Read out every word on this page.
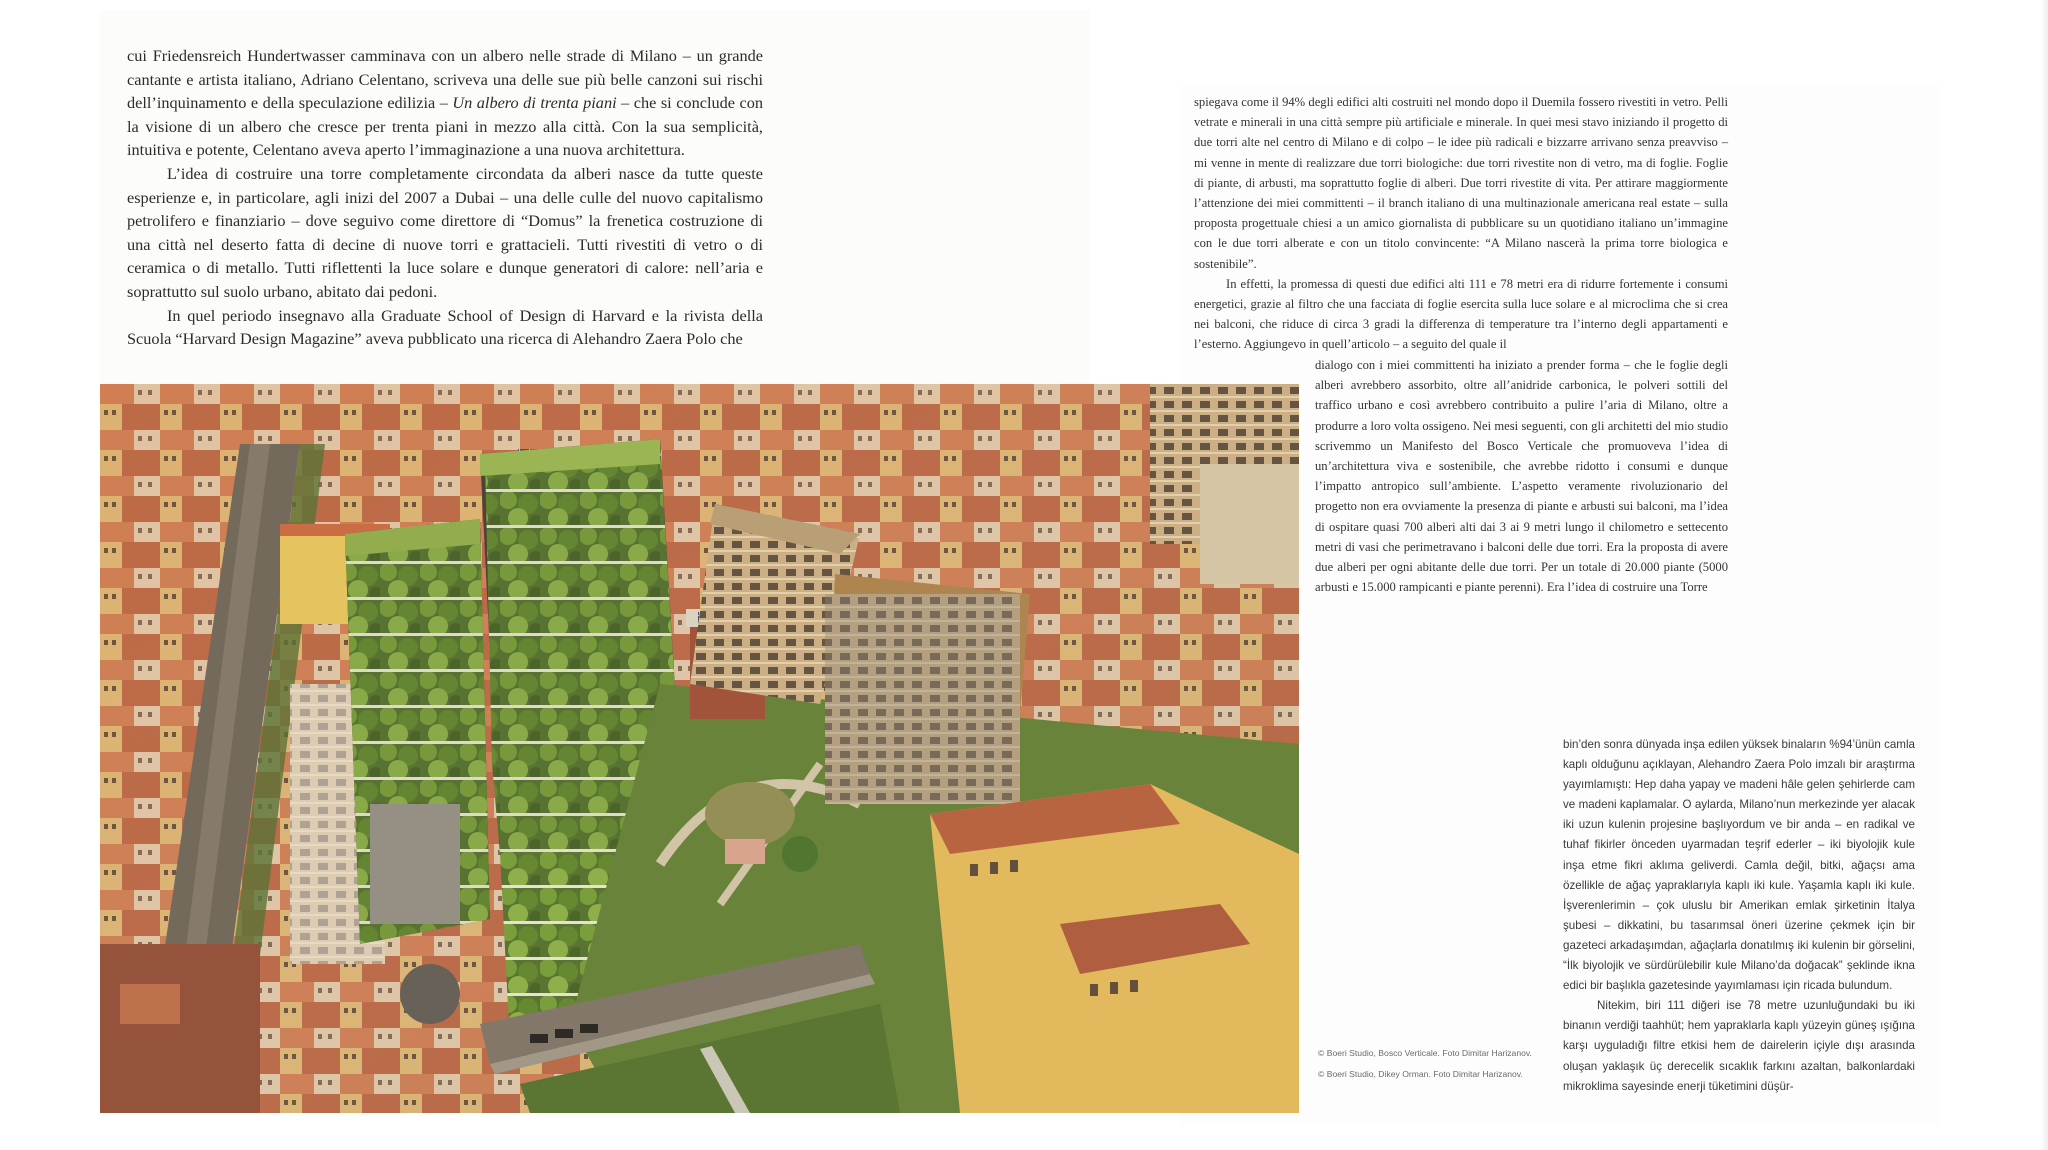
cui Friedensreich Hundertwasser camminava con un albero nelle strade di Milano – un grande cantante e artista italiano, Adriano Celentano, scriveva una delle sue più belle canzoni sui rischi dell’inquinamento e della speculazione edilizia – Un albero di trenta piani – che si conclude con la visione di un albero che cresce per trenta piani in mezzo alla città. Con la sua semplicità, intuitiva e potente, Celentano aveva aperto l’immaginazione a una nuova architettura.

L’idea di costruire una torre completamente circondata da alberi nasce da tutte queste esperienze e, in particolare, agli inizi del 2007 a Dubai – una delle culle del nuovo capitalismo petrolifero e finanziario – dove seguivo come direttore di “Domus” la frenetica costruzione di una città nel deserto fatta di decine di nuove torri e grattacieli. Tutti rivestiti di vetro o di ceramica o di metallo. Tutti riflettenti la luce solare e dunque generatori di calore: nell’aria e soprattutto sul suolo urbano, abitato dai pedoni.

In quel periodo insegnavo alla Graduate School of Design di Harvard e la rivista della Scuola “Harvard Design Magazine” aveva pubblicato una ricerca di Alehandro Zaera Polo che

spiegava come il 94% degli edifici alti costruiti nel mondo dopo il Duemila fossero rivestiti in vetro. Pelli vetrate e minerali in una città sempre più artificiale e minerale. In quei mesi stavo iniziando il progetto di due torri alte nel centro di Milano e di colpo – le idee più radicali e bizzarre arrivano senza preavviso – mi venne in mente di realizzare due torri biologiche: due torri rivestite non di vetro, ma di foglie. Foglie di piante, di arbusti, ma soprattutto foglie di alberi. Due torri rivestite di vita. Per attirare maggiormente l’attenzione dei miei committenti – il branch italiano di una multinazionale americana real estate – sulla proposta progettuale chiesi a un amico giornalista di pubblicare su un quotidiano italiano un’immagine con le due torri alberate e con un titolo convincente: “A Milano nascerà la prima torre biologica e sostenibile”.

In effetti, la promessa di questi due edifici alti 111 e 78 metri era di ridurre fortemente i consumi energetici, grazie al filtro che una facciata di foglie esercita sulla luce solare e al microclima che si crea nei balconi, che riduce di circa 3 gradi la differenza di temperature tra l’interno degli appartamenti e l’esterno. Aggiungevo in quell’articolo – a seguito del quale il

dialogo con i miei committenti ha iniziato a prender forma – che le foglie degli alberi avrebbero assorbito, oltre all’anidride carbonica, le polveri sottili del traffico urbano e così avrebbero contribuito a pulire l’aria di Milano, oltre a produrre a loro volta ossigeno. Nei mesi seguenti, con gli architetti del mio studio scrivemmo un Manifesto del Bosco Verticale che promuoveva l’idea di un’architettura viva e sostenibile, che avrebbe ridotto i consumi e dunque l’impatto antropico sull’ambiente. L’aspetto veramente rivoluzionario del progetto non era ovviamente la presenza di piante e arbusti sui balconi, ma l’idea di ospitare quasi 700 alberi alti dai 3 ai 9 metri lungo il chilometro e settecento metri di vasi che perimetravano i balconi delle due torri. Era la proposta di avere due alberi per ogni abitante delle due torri. Per un totale di 20.000 piante (5000 arbusti e 15.000 rampicanti e piante perenni). Era l’idea di costruire una Torre

bin’den sonra dünyada inşa edilen yüksek binaların %94’ünün camla kaplı olduğunu açıklayan, Alehandro Zaera Polo imzalı bir araştırma yayımlamıştı: Hep daha yapay ve madeni hâle gelen şehirlerde cam ve madeni kaplamalar. O aylarda, Milano’nun merkezinde yer alacak iki uzun kulenin projesine başlıyordum ve bir anda – en radikal ve tuhaf fikirler önceden uyarmadan teşrif ederler – iki biyolojik kule inşa etme fikri aklıma geliverdi. Camla değil, bitki, ağaçsı ama özellikle de ağaç yapraklarıyla kaplı iki kule. Yaşamla kaplı iki kule. İşverenlerimin – çok uluslu bir Amerikan emlak şirketinin İtalya şubesi – dikkatini, bu tasarımsal öneri üzerine çekmek için bir gazeteci arkadaşımdan, ağaçlarla donatılmış iki kulenin bir görselini, “İlk biyolojik ve sürdürülebilir kule Milano’da doğacak” şeklinde ikna edici bir başlıkla gazetesinde yayımlaması için ricada bulundum.

Nitekim, biri 111 diğeri ise 78 metre uzunluğundaki bu iki binanın verdiği taahhüt; hem yapraklarla kaplı yüzeyin güneş ışığına karşı uyguladığı filtre etkisi hem de dairelerin içiyle dışı arasında oluşan yaklaşık üç derecelik sıcaklık farkını azaltan, balkonlardaki mikroklima sayesinde enerji tüketimini düşür-

© Boeri Studio, Bosco Verticale. Foto Dimitar Harizanov.

© Boeri Studio, Dikey Orman. Foto Dimitar Harizanov.
